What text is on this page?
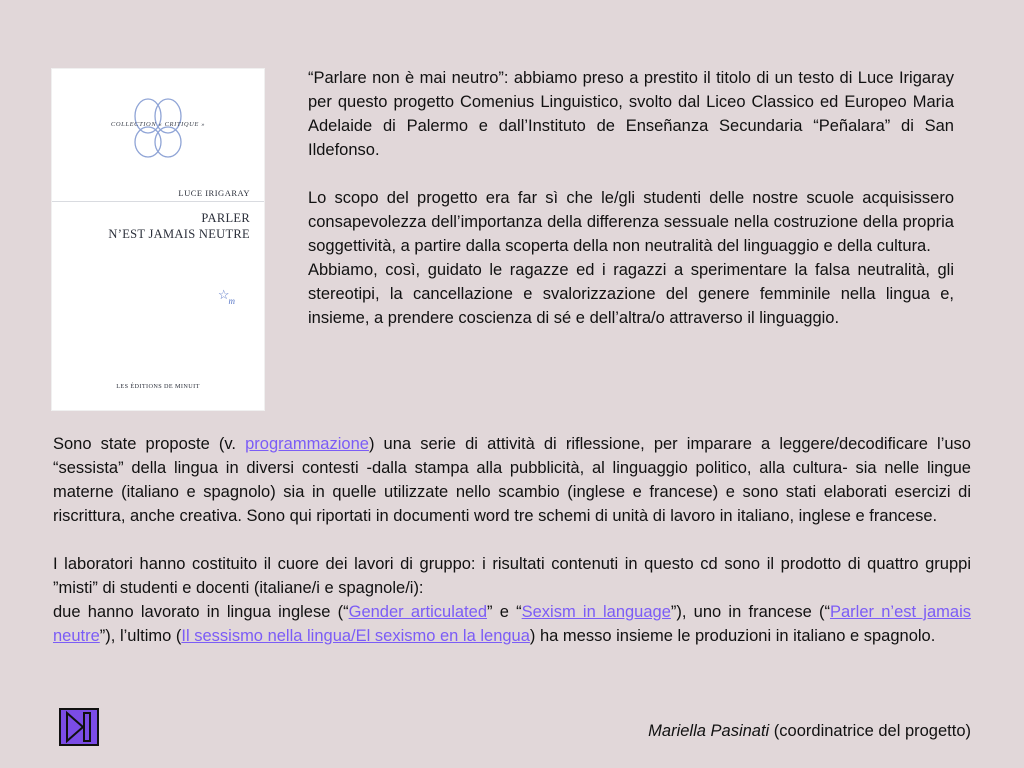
COLLECTION « CRITIQUE »
LUCE IRIGARAY
PARLER
N’EST JAMAIS NEUTRE
$☆_m$
LES ÉDITIONS DE MINUIT

“Parlare non è mai neutro”: abbiamo preso a prestito il titolo di un testo di Luce Irigaray per questo progetto Comenius Linguistico, svolto dal Liceo Classico ed Europeo Maria Adelaide di Palermo e dall’Instituto de Enseñanza Secundaria “Peñalara” di San Ildefonso.

Lo scopo del progetto era far sì che le/gli studenti delle nostre scuole acquisissero consapevolezza dell’importanza della differenza sessuale nella costruzione della propria soggettività, a partire dalla scoperta della non neutralità del linguaggio e della cultura.

Abbiamo, così, guidato le ragazze ed i ragazzi a sperimentare la falsa neutralità, gli stereotipi, la cancellazione e svalorizzazione del genere femminile nella lingua e, insieme, a prendere coscienza di sé e dell’altra/o attraverso il linguaggio.

Sono state proposte (v. programmazione) una serie di attività di riflessione, per imparare a leggere/decodificare l’uso “sessista” della lingua in diversi contesti -dalla stampa alla pubblicità, al linguaggio politico, alla cultura- sia nelle lingue materne (italiano e spagnolo) sia in quelle utilizzate nello scambio (inglese e francese) e sono stati elaborati esercizi di riscrittura, anche creativa. Sono qui riportati in documenti word tre schemi di unità di lavoro in italiano, inglese e francese.

I laboratori hanno costituito il cuore dei lavori di gruppo: i risultati contenuti in questo cd sono il prodotto di quattro gruppi ”misti” di studenti e docenti (italiane/i e spagnole/i):

due hanno lavorato in lingua inglese (“Gender articulated” e “Sexism in language”), uno in francese (“Parler n’est jamais neutre”), l’ultimo (Il sessismo nella lingua/El sexismo en la lengua) ha messo insieme le produzioni in italiano e spagnolo.

Mariella Pasinati (coordinatrice del progetto)
